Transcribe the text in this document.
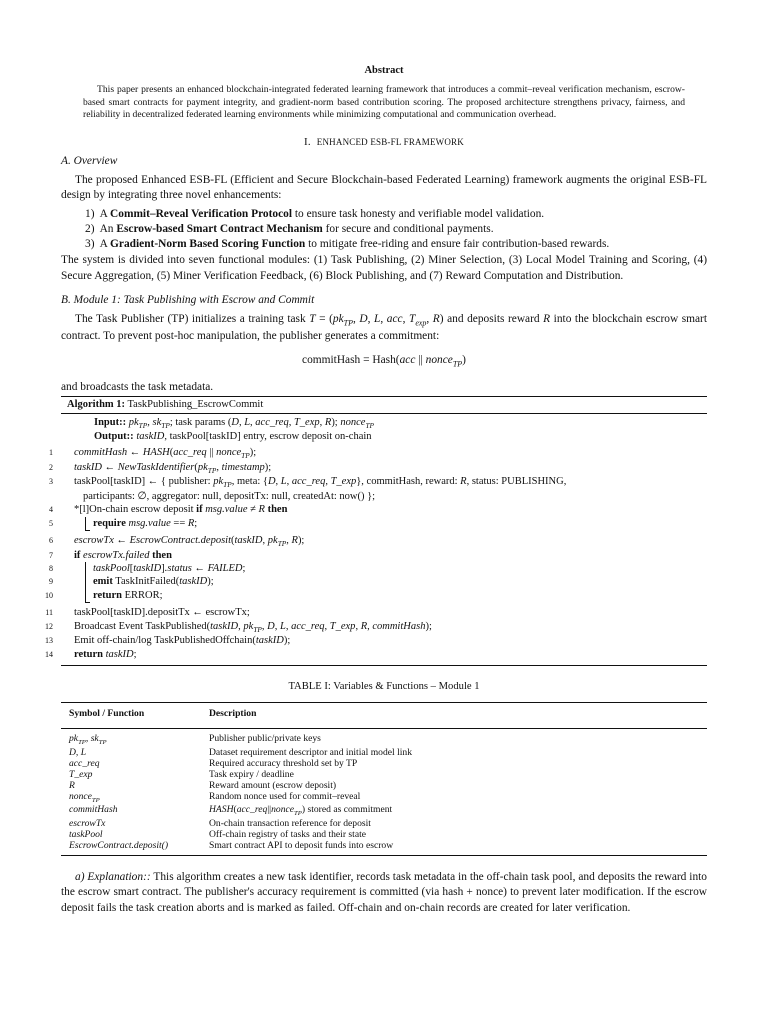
Abstract

This paper presents an enhanced blockchain-integrated federated learning framework that introduces a commit–reveal verification mechanism, escrow-based smart contracts for payment integrity, and gradient-norm based contribution scoring. The proposed architecture strengthens privacy, fairness, and reliability in decentralized federated learning environments while minimizing computational and communication overhead.

I. ENHANCED ESB-FL FRAMEWORK
A. Overview

The proposed Enhanced ESB-FL (Efficient and Secure Blockchain-based Federated Learning) framework augments the original ESB-FL design by integrating three novel enhancements:

1) A Commit–Reveal Verification Protocol to ensure task honesty and verifiable model validation.
2) An Escrow-based Smart Contract Mechanism for secure and conditional payments.
3) A Gradient-Norm Based Scoring Function to mitigate free-riding and ensure fair contribution-based rewards.

The system is divided into seven functional modules: (1) Task Publishing, (2) Miner Selection, (3) Local Model Training and Scoring, (4) Secure Aggregation, (5) Miner Verification Feedback, (6) Block Publishing, and (7) Reward Computation and Distribution.

B. Module 1: Task Publishing with Escrow and Commit

The Task Publisher (TP) initializes a training task $T = (pk_{TP}$, D, L, acc, $T_{exp}$, R) and deposits reward R into the blockchain escrow smart contract. To prevent post-hoc manipulation, the publisher generates a commitment:

commitHash = Hash(acc || nonce$_{TP}$)

and broadcasts the task metadata.

Algorithm 1: TaskPublishing_EscrowCommit
Input:: $pk_{TP}$, $sk_{TP}$; task params (D, L, acc_req, T_exp, R); nonce$_{TP}$
Output:: taskID, taskPool[taskID] entry, escrow deposit on-chain
1 commitHash ← HASH(acc_req || nonce$_{TP}$);
2 taskID ← $NewTaskIdentifier(pk_{TP}$, timestamp);
3 taskPool[taskID] ← { publisher: $pk_{TP}$, meta: {D, L, acc_req, T_exp}, commitHash, reward: R, status: PUBLISHING,
participants: ∅, aggregator: null, depositTx: null, createdAt: now() };
4 *[l]On-chain escrow deposit if msg.value ≠ R then
5	require msg.value == R;
6 escrowTx ← EscrowContract.deposit(taskID, $pk_{TP}$, R);
7 if escrowTx.failed then
8	taskPool[taskID].status ← FAILED;
9	emit TaskInitFailed(taskID);
10	return ERROR;
11 taskPool[taskID].depositTx ← escrowTx;
12 Broadcast Event TaskPublished(taskID, $pk_{TP}$, D, L, acc_req, T_exp, R, commitHash);
13 Emit off-chain/log TaskPublishedOffchain(taskID);
14 return taskID;
TABLE I: Variables & Functions – Module 1
Symbol / Function	Description
$pk_{TP}$, $sk_{TP}$	Publisher public/private keys
D, L	Dataset requirement descriptor and initial model link
acc_req	Required accuracy threshold set by TP
T_exp	Task expiry / deadline
R	Reward amount (escrow deposit)
nonce$_{TP}$	Random nonce used for commit–reveal
commitHash	HASH(acc_req||nonce$_{TP}$) stored as commitment
escrowTx	On-chain transaction reference for deposit
taskPool	Off-chain registry of tasks and their state
EscrowContract.deposit()	Smart contract API to deposit funds into escrow

a) Explanation:: This algorithm creates a new task identifier, records task metadata in the off-chain task pool, and deposits the reward into the escrow smart contract. The publisher's accuracy requirement is committed (via hash + nonce) to prevent later modification. If the escrow deposit fails the task creation aborts and is marked as failed. Off-chain and on-chain records are created for later verification.
